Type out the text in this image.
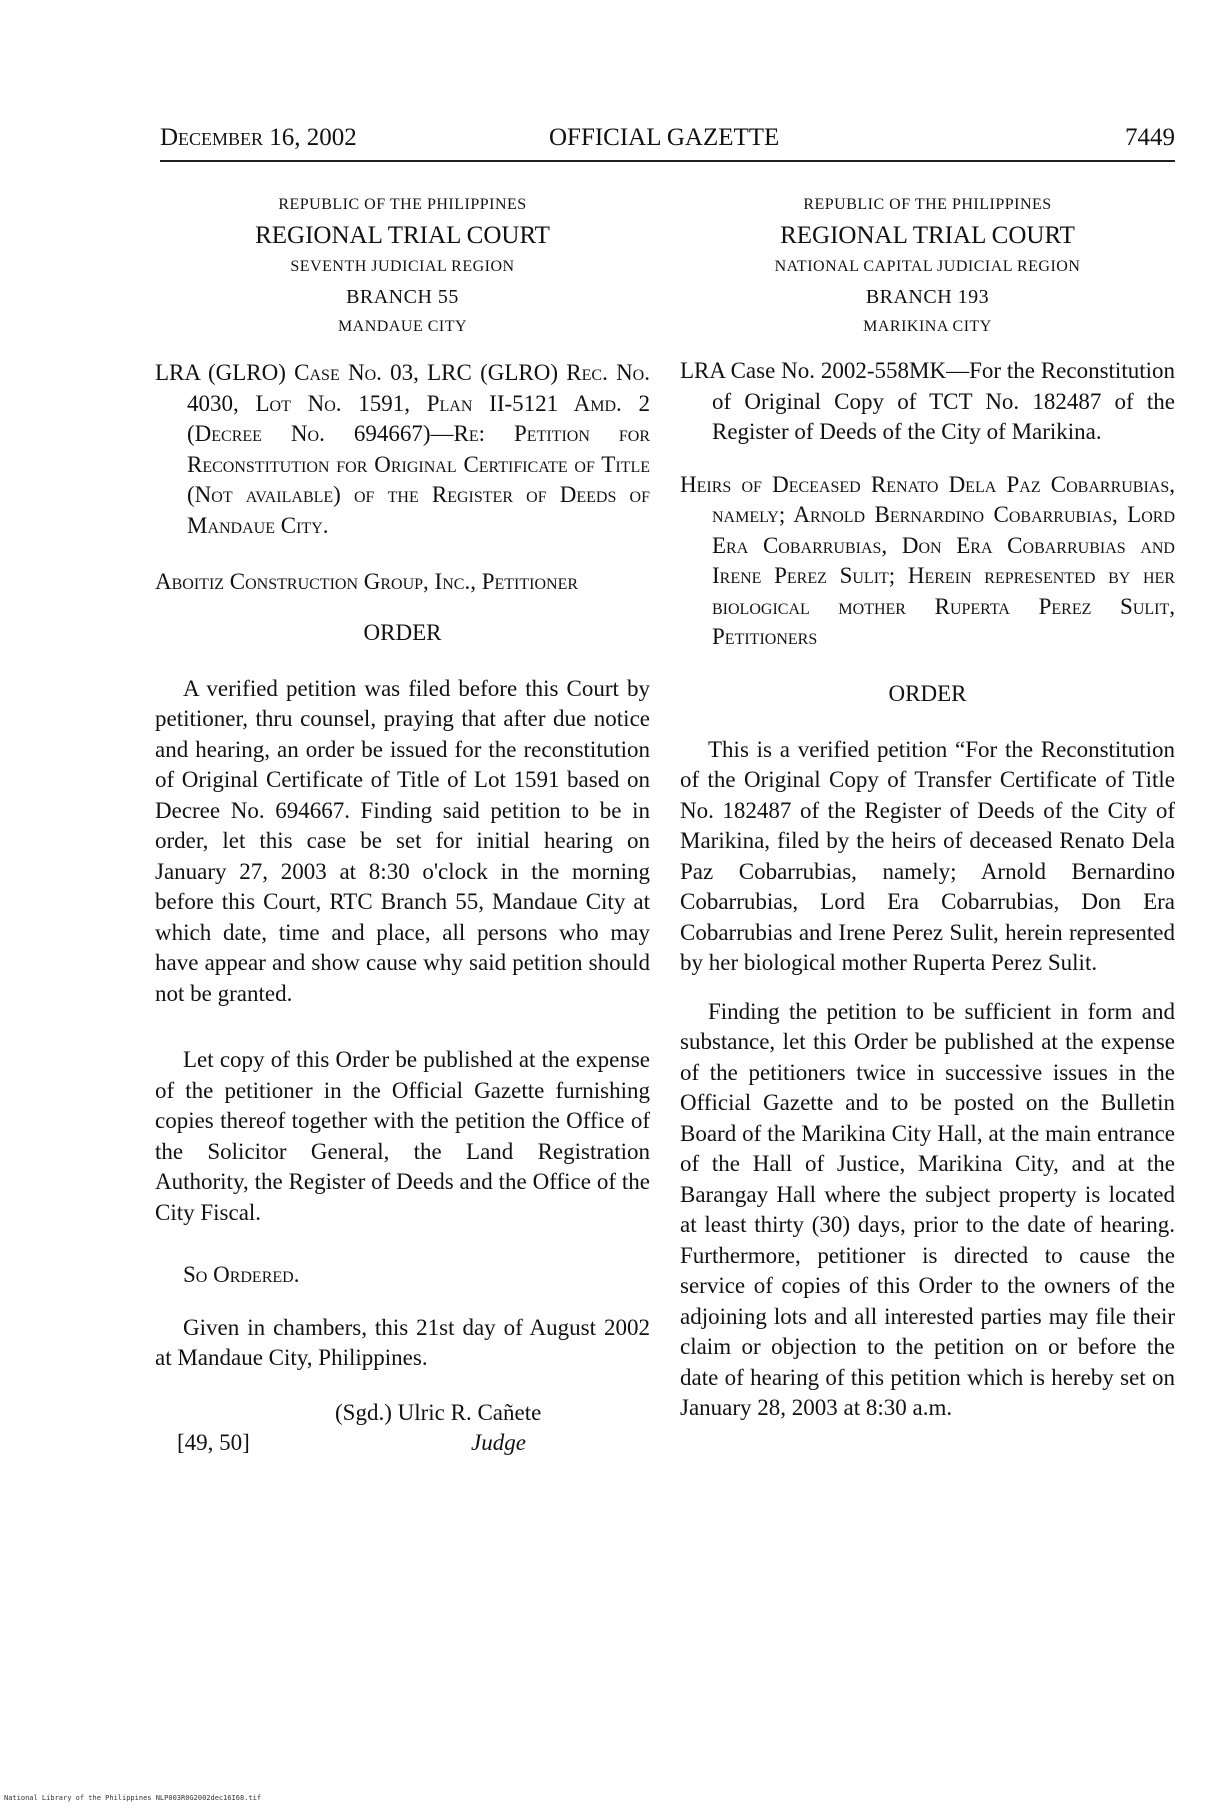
December 16, 2002	OFFICIAL GAZETTE	7449
REPUBLIC OF THE PHILIPPINES
REGIONAL TRIAL COURT
SEVENTH JUDICIAL REGION
BRANCH 55
MANDAUE CITY

LRA (GLRO) Case No. 03, LRC (GLRO) Rec. No. 4030, Lot No. 1591, Plan II-5121 Amd. 2 (Decree No. 694667)—Re: Petition for Reconstitution for Original Certificate of Title (Not available) of the Register of Deeds of Mandaue City.

Aboitiz Construction Group, Inc., Petitioner

ORDER

A verified petition was filed before this Court by petitioner, thru counsel, praying that after due notice and hearing, an order be issued for the reconstitution of Original Certificate of Title of Lot 1591 based on Decree No. 694667. Finding said petition to be in order, let this case be set for initial hearing on January 27, 2003 at 8:30 o'clock in the morning before this Court, RTC Branch 55, Mandaue City at which date, time and place, all persons who may have appear and show cause why said petition should not be granted.

Let copy of this Order be published at the expense of the petitioner in the Official Gazette furnishing copies thereof together with the petition the Office of the Solicitor General, the Land Registration Authority, the Register of Deeds and the Office of the City Fiscal.

So Ordered.

Given in chambers, this 21st day of August 2002 at Mandaue City, Philippines.

(Sgd.) Ulric R. Cañete
[49, 50]	Judge
REPUBLIC OF THE PHILIPPINES
REGIONAL TRIAL COURT
NATIONAL CAPITAL JUDICIAL REGION
BRANCH 193
MARIKINA CITY

LRA Case No. 2002-558MK—For the Reconstitution of Original Copy of TCT No. 182487 of the Register of Deeds of the City of Marikina.

Heirs of Deceased Renato Dela Paz Cobarrubias, namely; Arnold Bernardino Cobarrubias, Lord Era Cobarrubias, Don Era Cobarrubias and Irene Perez Sulit; Herein represented by her biological mother Ruperta Perez Sulit, Petitioners

ORDER

This is a verified petition “For the Reconstitution of the Original Copy of Transfer Certificate of Title No. 182487 of the Register of Deeds of the City of Marikina, filed by the heirs of deceased Renato Dela Paz Cobarrubias, namely; Arnold Bernardino Cobarrubias, Lord Era Cobarrubias, Don Era Cobarrubias and Irene Perez Sulit, herein represented by her biological mother Ruperta Perez Sulit.

Finding the petition to be sufficient in form and substance, let this Order be published at the expense of the petitioners twice in successive issues in the Official Gazette and to be posted on the Bulletin Board of the Marikina City Hall, at the main entrance of the Hall of Justice, Marikina City, and at the Barangay Hall where the subject property is located at least thirty (30) days, prior to the date of hearing. Furthermore, petitioner is directed to cause the service of copies of this Order to the owners of the adjoining lots and all interested parties may file their claim or objection to the petition on or before the date of hearing of this petition which is hereby set on January 28, 2003 at 8:30 a.m.

National Library of the Philippines NLP003R0G2002dec16I68.tif
